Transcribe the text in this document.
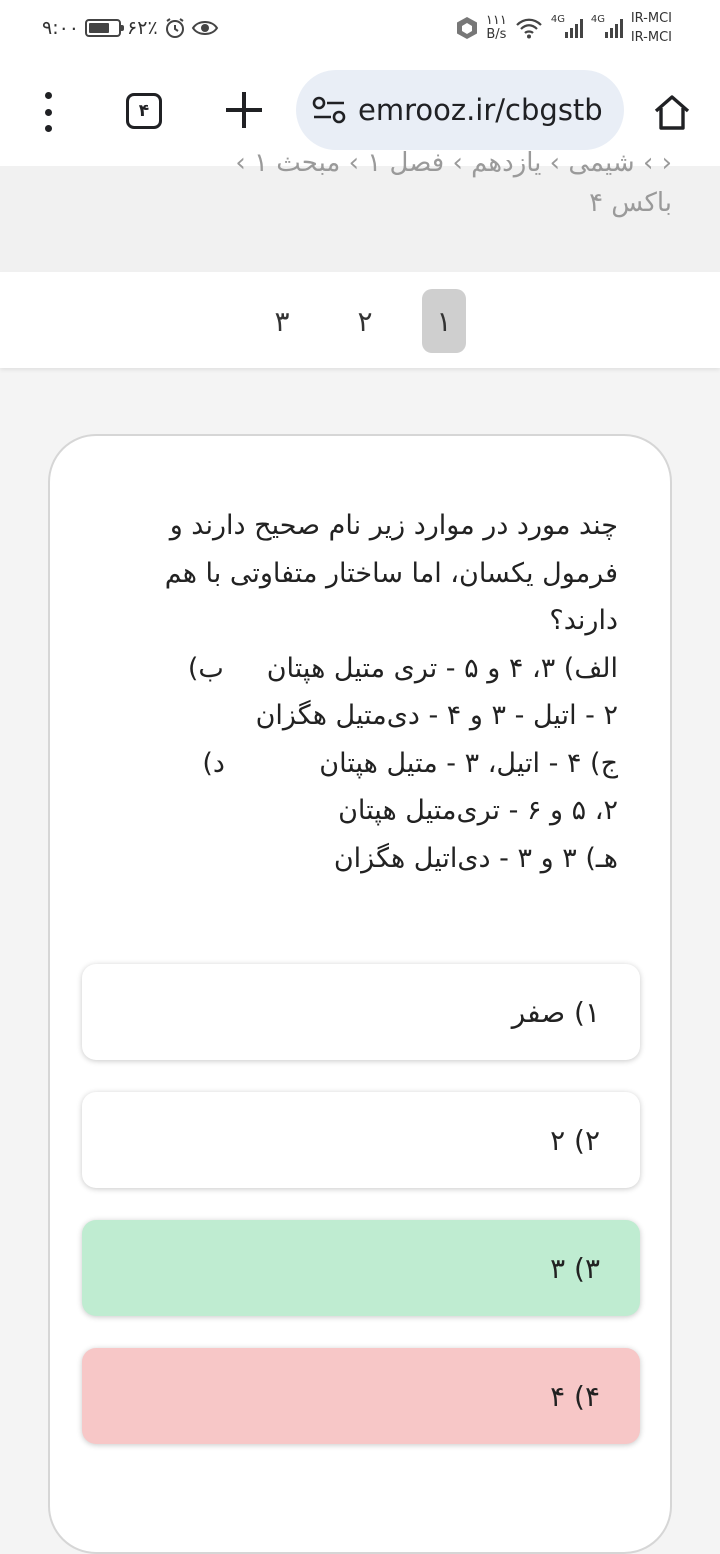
۹:۰۰	۶۲٪	۱۱۱
B/s
4G	4G IR-MCI
IR-MCI
۴	emrooz.ir/cbgstb
‹ › شیمی › یازدهم › فصل ۱ › مبحث ۱ ›
باکس ۴
۱
۲
۳
چند مورد در موارد زیر نام صحیح دارند و
فرمول یکسان، اما ساختار متفاوتی با هم
دارند؟
الف) ۳، ۴ و ۵ - تری متیل هپتان     ب)
۲ - اتیل - ۳ و ۴ - دی‌متیل هگزان
ج) ۴ - اتیل، ۳ - متیل هپتان           د)
۲، ۵ و ۶ - تری‌متیل هپتان
هـ) ۳ و ۳ - دی‌اتیل هگزان
۱) صفر
۲) ۲
۳) ۳
۴) ۴
